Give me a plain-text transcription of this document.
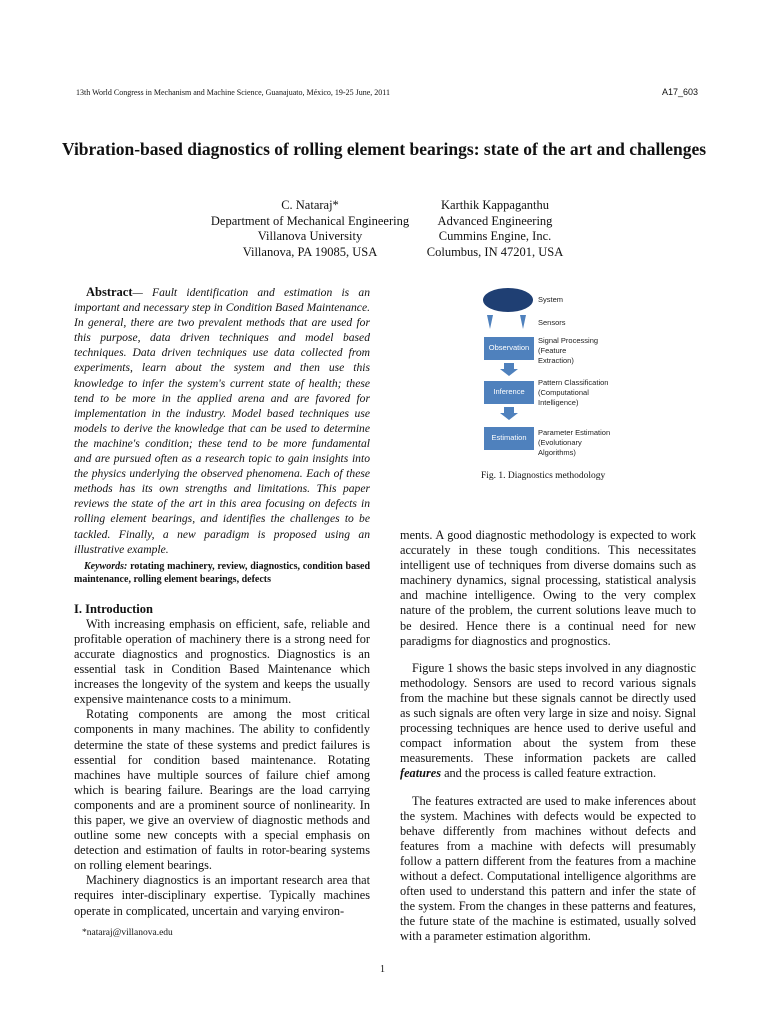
13th World Congress in Mechanism and Machine Science, Guanajuato, México, 19-25 June, 2011	A17_603
Vibration-based diagnostics of rolling element bearings: state of the art and challenges
C. Nataraj*
Department of Mechanical Engineering
Villanova University
Villanova, PA 19085, USA
Karthik Kappaganthu
Advanced Engineering
Cummins Engine, Inc.
Columbus, IN 47201, USA

Abstract— Fault identification and estimation is an important and necessary step in Condition Based Maintenance. In general, there are two prevalent methods that are used for this purpose, data driven techniques and model based techniques. Data driven techniques use data collected from experiments, learn about the system and then use this knowledge to infer the system's current state of health; these tend to be more in the applied arena and are favored for implementation in the industry. Model based techniques use models to derive the knowledge that can be used to determine the machine's condition; these tend to be more fundamental and are pursued often as a research topic to gain insights into the physics underlying the observed phenomena. Each of these methods has its own strengths and limitations. This paper reviews the state of the art in this area focusing on defects in rolling element bearings, and identifies the challenges to be tackled. Finally, a new paradigm is proposed using an illustrative example.

Keywords: rotating machinery, review, diagnostics, condition based maintenance, rolling element bearings, defects

I. Introduction

With increasing emphasis on efficient, safe, reliable and profitable operation of machinery there is a strong need for accurate diagnostics and prognostics. Diagnostics is an essential task in Condition Based Maintenance which increases the longevity of the system and keeps the usually expensive maintenance costs to a minimum.

Rotating components are among the most critical components in many machines. The ability to confidently determine the state of these systems and predict failures is essential for condition based maintenance. Rotating machines have multiple sources of failure chief among which is bearing failure. Bearings are the load carrying components and are a prominent source of nonlinearity. In this paper, we give an overview of diagnostic methods and outline some new concepts with a special emphasis on detection and estimation of faults in rotor-bearing systems on rolling element bearings.

Machinery diagnostics is an important research area that requires inter-disciplinary expertise. Typically machines operate in complicated, uncertain and varying environ-

Observation
Inference
Estimation
System
Sensors
Signal Processing
(Feature
Extraction)
Pattern Classification
(Computational
Intelligence)
Parameter Estimation
(Evolutionary
Algorithms)
Fig. 1. Diagnostics methodology

ments. A good diagnostic methodology is expected to work accurately in these tough conditions. This necessitates intelligent use of techniques from diverse domains such as machinery dynamics, signal processing, statistical analysis and machine intelligence. Owing to the very complex nature of the problem, the current solutions leave much to be desired. Hence there is a continual need for new paradigms for diagnostics and prognostics.

Figure 1 shows the basic steps involved in any diagnostic methodology. Sensors are used to record various signals from the machine but these signals cannot be directly used as such signals are often very large in size and noisy. Signal processing techniques are hence used to derive useful and compact information about the system from these measurements. These information packets are called features and the process is called feature extraction.

The features extracted are used to make inferences about the system. Machines with defects would be expected to behave differently from machines without defects and features from a machine with defects will presumably follow a pattern different from the features from a machine without a defect. Computational intelligence algorithms are often used to understand this pattern and infer the state of the system. From the changes in these patterns and features, the future state of the machine is estimated, usually solved with a parameter estimation algorithm.

*nataraj@villanova.edu
1
